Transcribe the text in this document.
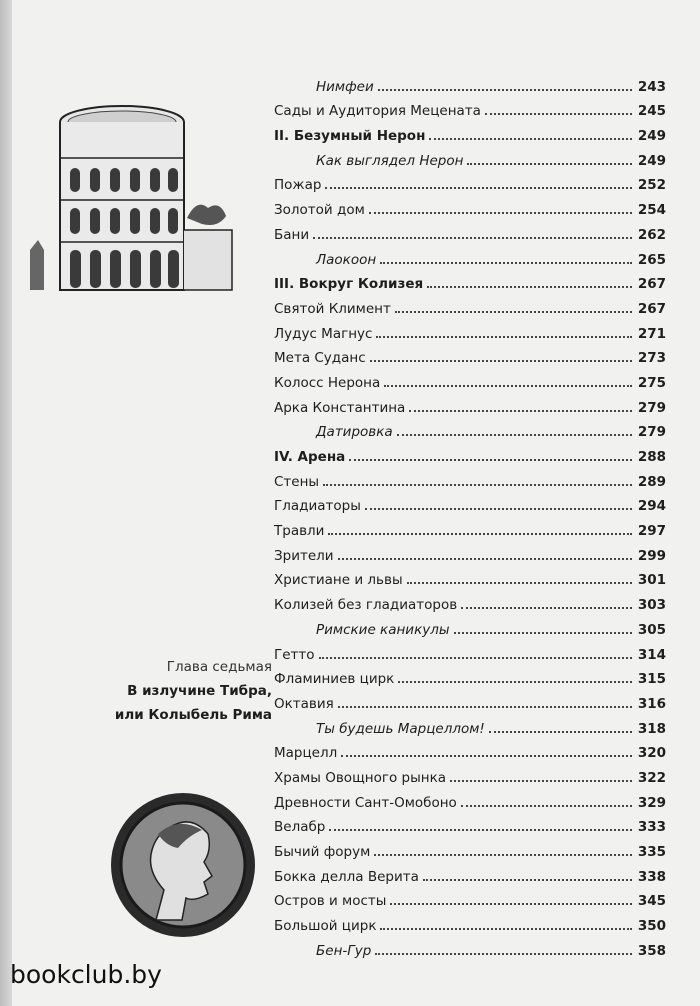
Нимфеи	243
Сады и Аудитория Мецената	245
II. Безумный Нерон	249
Как выглядел Нерон	249
Пожар	252
Золотой дом	254
Бани	262
Лаокоон	265
III. Вокруг Колизея	267
Святой Климент	267
Лудус Магнус	271
Мета Суданс	273
Колосс Нерона	275
Арка Константина	279
Датировка	279
IV. Арена	288
Стены	289
Гладиаторы	294
Травли	297
Зрители	299
Христиане и львы	301
Колизей без гладиаторов	303
Римские каникулы	305
Гетто	314
Фламиниев цирк	315
Октавия	316
Ты будешь Марцеллом!	318
Марцелл	320
Храмы Овощного рынка	322
Древности Сант-Омобоно	329
Велабр	333
Бычий форум	335
Бокка делла Верита	338
Остров и мосты	345
Большой цирк	350
Бен-Гур	358
Глава седьмая
В излучине Тибра,
или Колыбель Рима
bookclub.by
